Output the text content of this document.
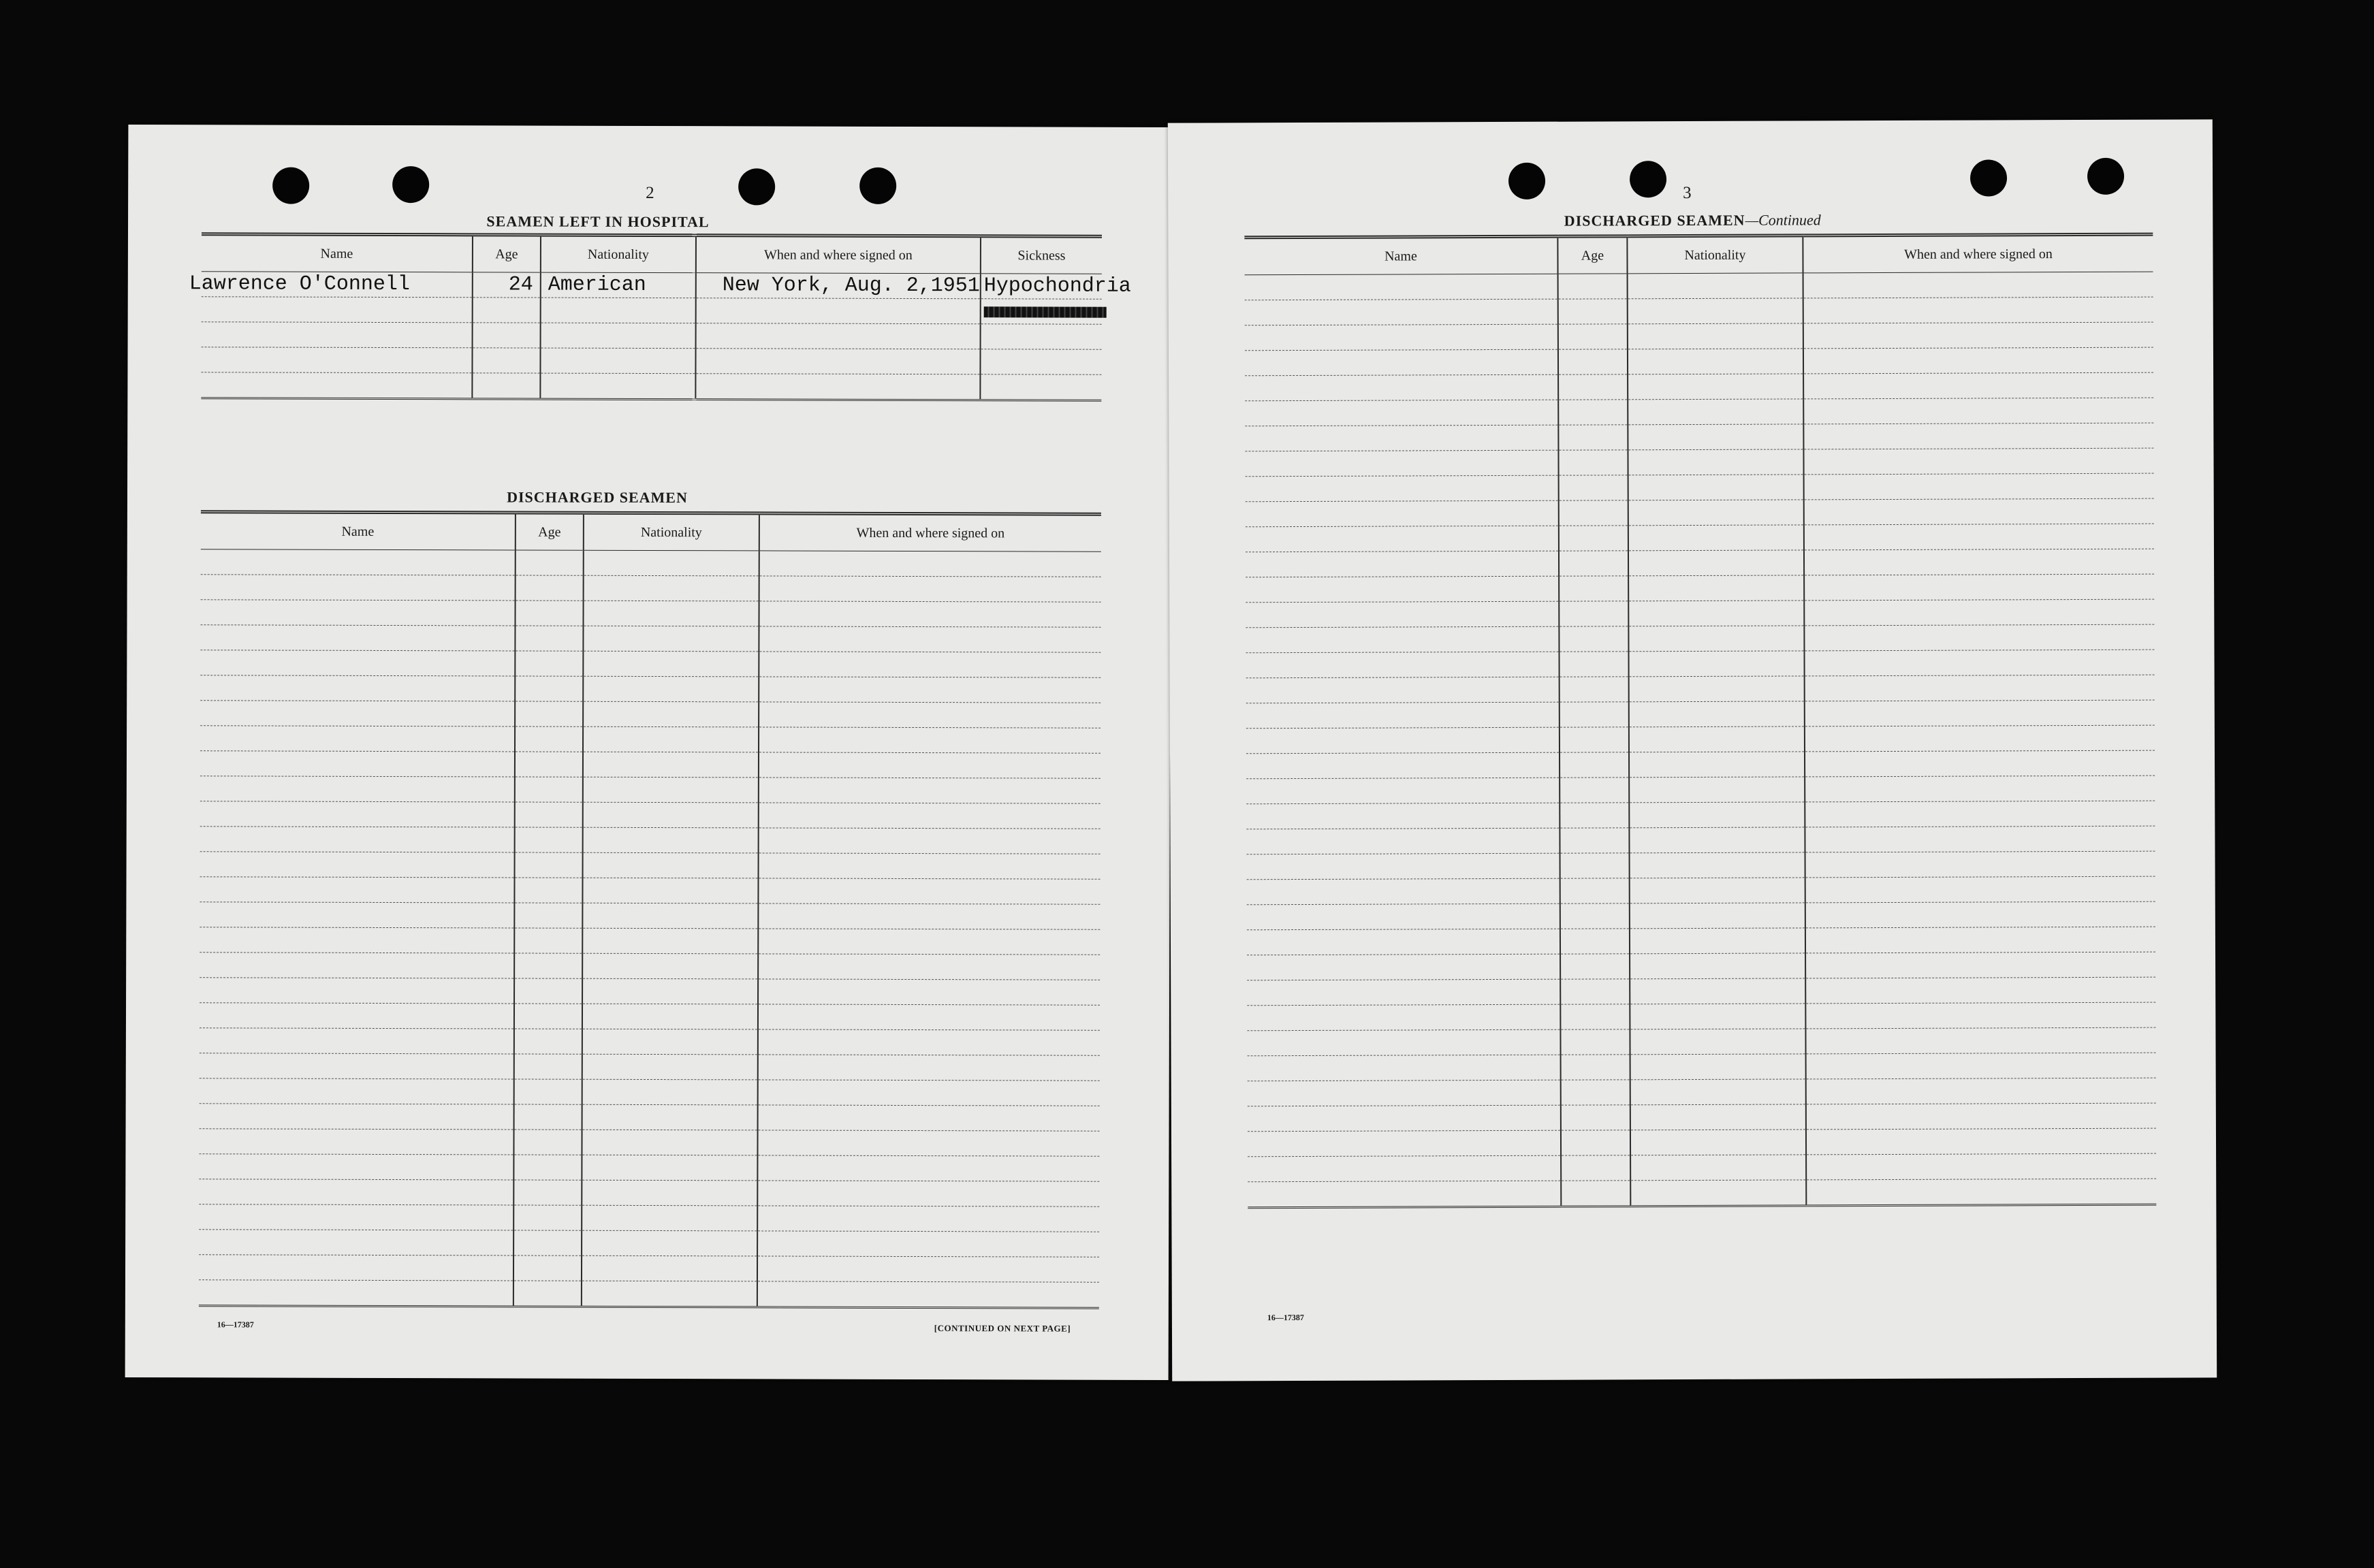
2
SEAMEN LEFT IN HOSPITAL
Name	Age	Nationality	When and where signed on	Sickness
Lawrence O'Connell	24	American	New York, Aug. 2,1951	Hypochondria

DISCHARGED SEAMEN
Name	Age	Nationality	When and where signed on

16—17387	[CONTINUED ON NEXT PAGE]
3
DISCHARGED SEAMEN—Continued
Name	Age	Nationality	When and where signed on

16—17387
